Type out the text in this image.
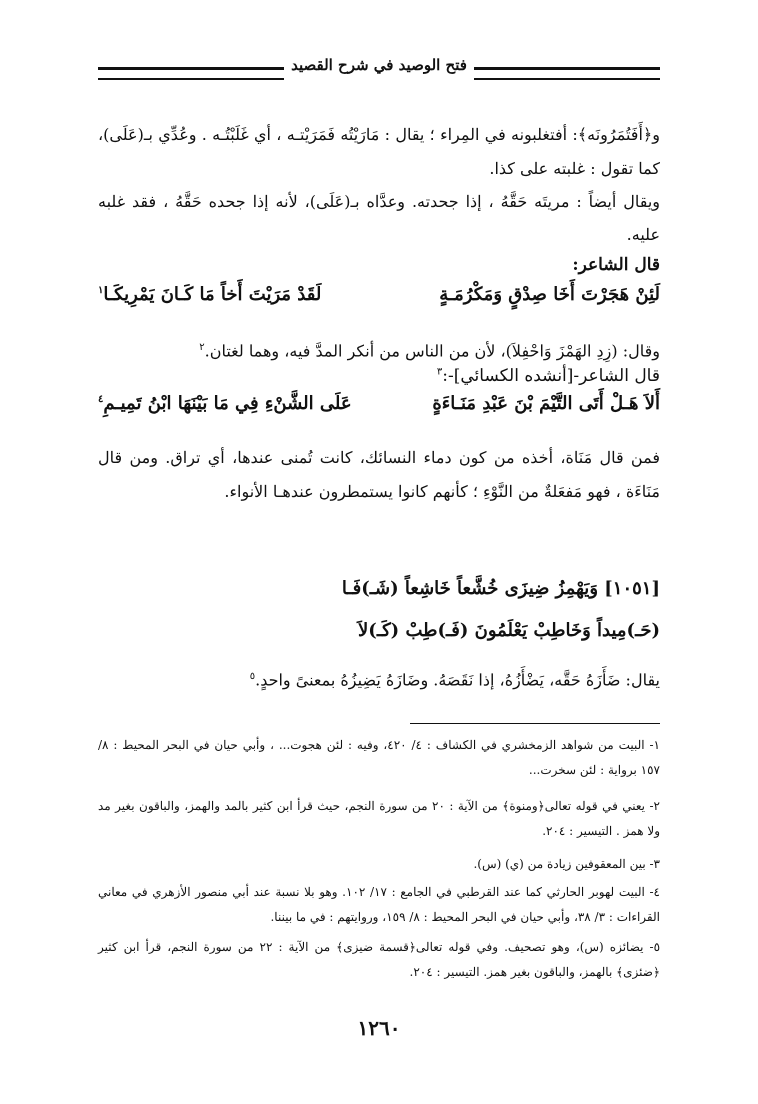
فتح الوصيد في شرح القصيد
و﴿أَفَتُمَرُونَه﴾: أفتغلبونه في المِراء ؛ يقال : مَارَيْتُه فَمَرَيْتـه ، أي غَلَبْتُـه . وعُدِّي بـ(عَلَى)، كما تقول : غلبته على كذا.
ويقال أيضاً : مريتَه حَقَّهُ ، إذا جحدته. وعدَّاه بـ(عَلَى)، لأنه إذا جحده حَقَّهُ ، فقد غلبه عليه.
قال الشاعر:
لَئِنْ هَجَرْتَ أَخَا صِدْقٍ وَمَكْرُمَـةٍ
لَقَدْ مَرَيْتَ أَخاً مَا كَـانَ يَمْرِيكَـا$^١$
وقال: (زِدِ الهَمْزَ وَاحْفِلاَ)، لأن من الناس من أنكر المدَّ فيه، وهما لغتان.$^٢$
قال الشاعر-[أنشده الكسائي]-:$^٣$
أَلاَ هَـلْ أَتَى التَّيْمَ بْنَ عَبْدِ مَنَـاءَةٍ
عَلَى الشَّنْءِ فِي مَا بَيْنَهَا ابْنُ تَمِيـمِ$^٤$
فمن قال مَنَاة، أخذه من كون دماء النسائك، كانت تُمنى عندها، أي تراق. ومن قال مَنَاءَة ، فهو مَفعَلةٌ من النَّوْءِ ؛ كأنهم كانوا يستمطرون عندهـا الأنواء.
[١٠٥١] وَيَهْمِزُ ضِيزَى خُشَّعاً خَاشِعاً (شَـ)فَـا
(حَـ)مِيداً وَخَاطِبْ يَعْلَمُونَ (فَـ)طِبْ (كَـ)لاَ
يقال: ضَأَزَهُ حَقَّه، يَضْأَزُهُ، إذا نَقَصَهُ. وضَازَهُ يَضِيزُهُ بمعنىً واحدٍ.$^٥$
١- البيت من شواهد الزمخشري في الكشاف : ٤/ ٤٢٠، وفيه : لئن هجوت... ، وأبي حيان في البحر المحيط : ٨/ ١٥٧ برواية : لئن سخرت...
٢- يعني في قوله تعالى﴿ومنوة﴾ من الآية : ٢٠ من سورة النجم، حيث قرأ ابن كثير بالمد والهمز، والباقون بغير مد ولا همز . التيسير : ٢٠٤.
٣- بين المعقوفين زيادة من (ي) (س).
٤- البيت لهوبر الحارثي كما عند القرطبي في الجامع : ١٧/ ١٠٢. وهو بلا نسبة عند أبي منصور الأزهري في معاني القراءات : ٣/ ٣٨، وأبي حيان في البحر المحيط : ٨/ ١٥٩، وروايتهم : في ما بيننا.
٥- يضائزه (س)، وهو تصحيف. وفي قوله تعالى﴿قسمة ضيزى﴾ من الآية : ٢٢ من سورة النجم، قرأ ابن كثير ﴿ضئزى﴾ بالهمز، والباقون بغير همز. التيسير : ٢٠٤.
١٢٦٠
